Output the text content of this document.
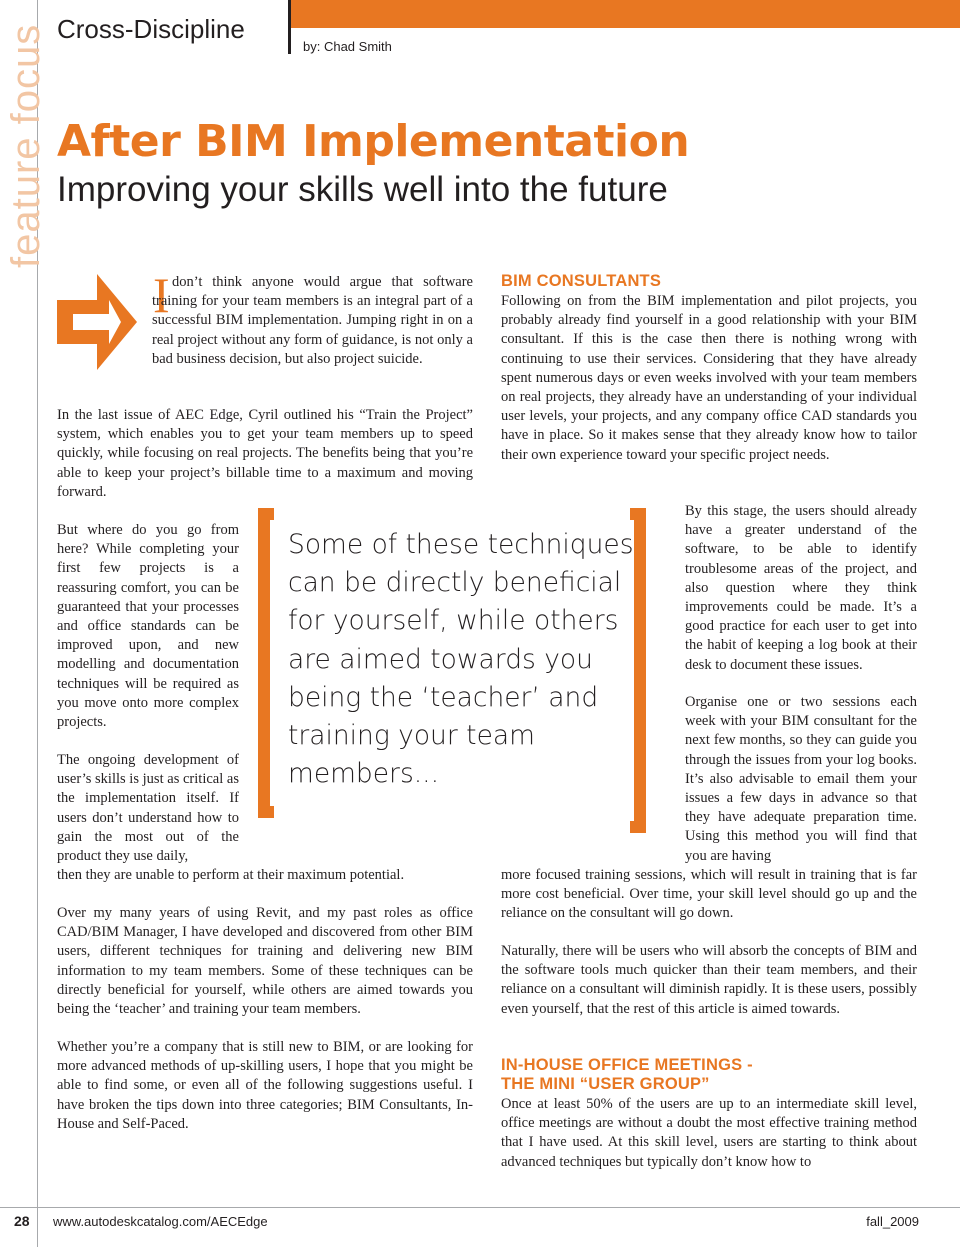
feature focus Cross-Discipline
by: Chad Smith
After BIM Implementation
Improving your skills well into the future
I don’t think anyone would argue that software training for your team members is an integral part of a successful BIM implementation. Jumping right in on a real project without any form of guidance, is not only a bad business decision, but also project suicide.

In the last issue of AEC Edge, Cyril outlined his “Train the Project” system, which enables you to get your team members up to speed quickly, while focusing on real projects. The benefits being that you’re able to keep your project’s billable time to a maximum and moving forward.

But where do you go from here? While completing your first few projects is a reassuring comfort, you can be guaranteed that your processes and office standards can be improved upon, and new modelling and documentation techniques will be required as you move onto more complex projects.

The ongoing development of user’s skills is just as critical as the implementation itself. If users don’t understand how to gain the most out of the product they use daily,

then they are unable to perform at their maximum potential.

Over my many years of using Revit, and my past roles as office CAD/BIM Manager, I have developed and discovered from other BIM users, different techniques for training and delivering new BIM information to my team members. Some of these techniques can be directly beneficial for yourself, while others are aimed towards you being the ‘teacher’ and training your team members.

Whether you’re a company that is still new to BIM, or are looking for more advanced methods of up-skilling users, I hope that you might be able to find some, or even all of the following suggestions useful. I have broken the tips down into three categories; BIM Consultants, In-House and Self-Paced.

Some of these techniques can be directly beneficial for yourself, while others are aimed towards you being the ‘teacher’ and training your team members...

BIM CONSULTANTS

Following on from the BIM implementation and pilot projects, you probably already find yourself in a good relationship with your BIM consultant. If this is the case then there is nothing wrong with continuing to use their services. Considering that they have already spent numerous days or even weeks involved with your team members on real projects, they already have an understanding of your individual user levels, your projects, and any company office CAD standards you have in place. So it makes sense that they already know how to tailor their own experience toward your specific project needs.

By this stage, the users should already have a greater understand of the software, to be able to identify troublesome areas of the project, and also question where they think improvements could be made. It’s a good practice for each user to get into the habit of keeping a log book at their desk to document these issues.

Organise one or two sessions each week with your BIM consultant for the next few months, so they can guide you through the issues from your log books. It’s also advisable to email them your issues a few days in advance so that they have adequate preparation time. Using this method you will find that you are having

more focused training sessions, which will result in training that is far more cost beneficial. Over time, your skill level should go up and the reliance on the consultant will go down.

Naturally, there will be users who will absorb the concepts of BIM and the software tools much quicker than their team members, and their reliance on a consultant will diminish rapidly. It is these users, possibly even yourself, that the rest of this article is aimed towards.

IN-HOUSE OFFICE MEETINGS -
THE MINI “USER GROUP”

Once at least 50% of the users are up to an intermediate skill level, office meetings are without a doubt the most effective training method that I have used. At this skill level, users are starting to think about advanced techniques but typically don’t know how to

28 www.autodeskcatalog.com/AECEdge	fall_2009
